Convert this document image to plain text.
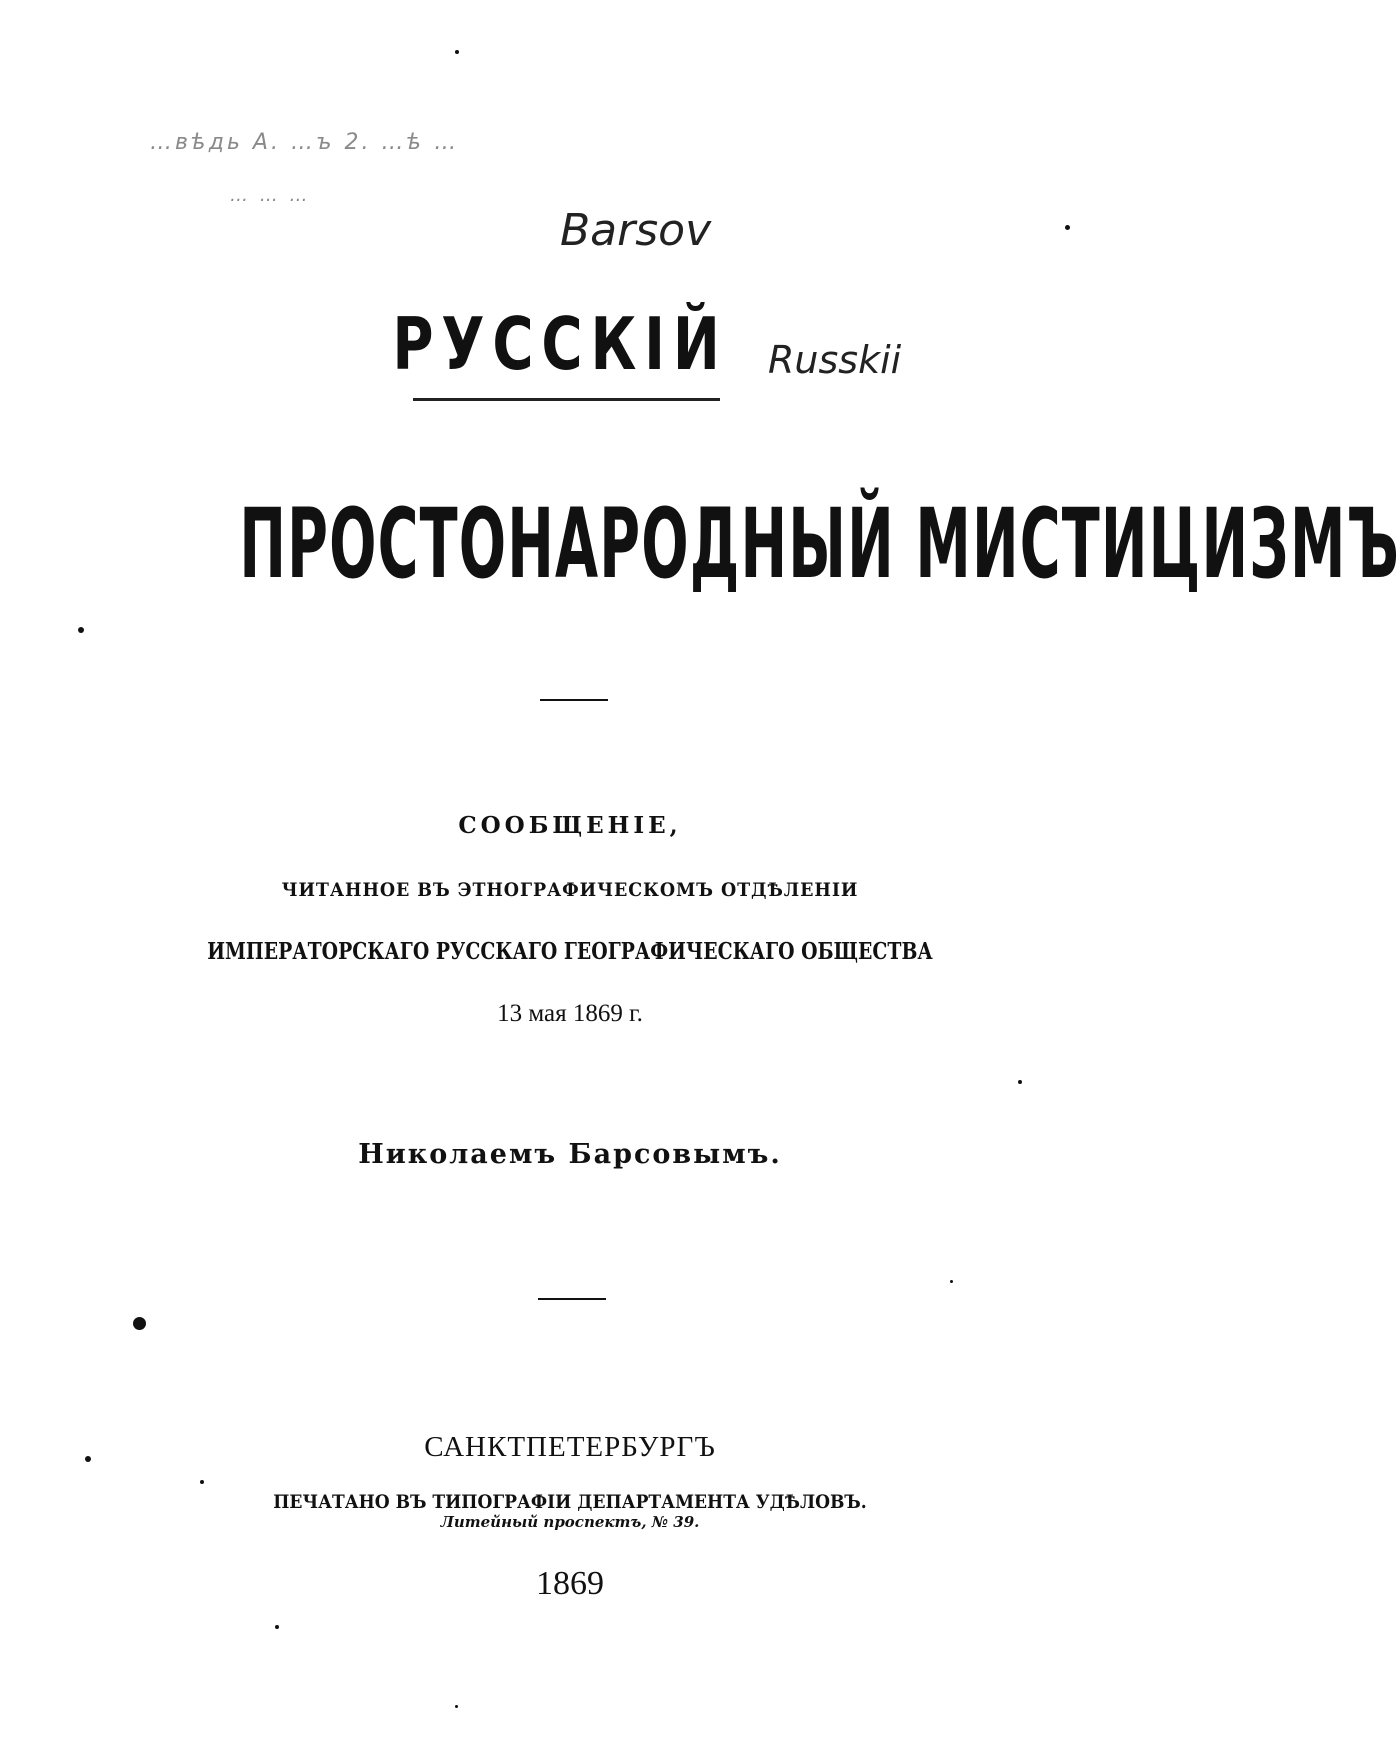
…вѣдь А. …ъ 2. …ѣ …
… … …
Barsov
Russkii
РУССКІЙ
ПРОСТОНАРОДНЫЙ МИСТИЦИЗМЪ

СООБЩЕНІЕ,

ЧИТАННОЕ ВЪ ЭТНОГРАФИЧЕСКОМЪ ОТДѢЛЕНІИ

ИМПЕРАТОРСКАГО РУССКАГО ГЕОГРАФИЧЕСКАГО ОБЩЕСТВА

13 мая 1869 г.

Николаемъ Барсовымъ.

САНКТПЕТЕРБУРГЪ

ПЕЧАТАНО ВЪ ТИПОГРАФІИ ДЕПАРТАМЕНТА УДѢЛОВЪ.

Литейный проспектъ, № 39.

1869
